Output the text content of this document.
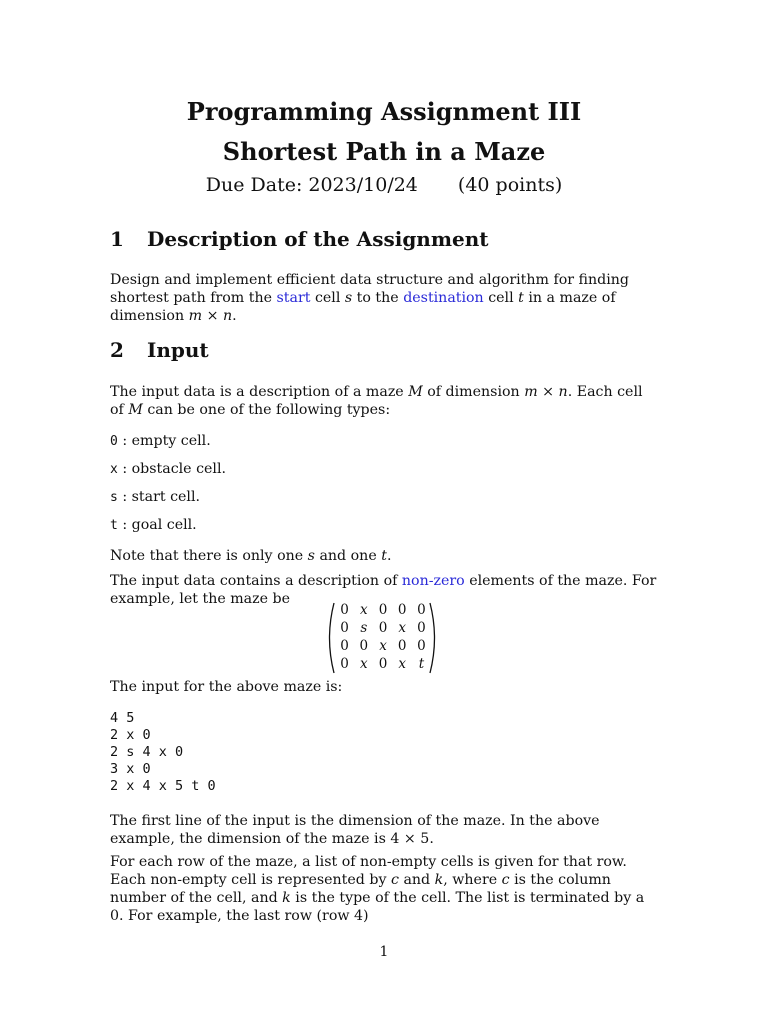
Programming Assignment III
Shortest Path in a Maze
Due Date: 2023/10/24 (40 points)
1 Description of the Assignment
Design and implement efficient data structure and algorithm for finding shortest path from the start cell s to the destination cell t in a maze of dimension m × n.
2 Input
The input data is a description of a maze M of dimension m × n. Each cell of M can be one of the following types:
0 : empty cell.
x : obstacle cell.
s : start cell.
t : goal cell.
Note that there is only one s and one t.
The input data contains a description of non-zero elements of the maze. For example, let the maze be
0 x 0 0 0
0 s 0 x 0
0 0 x 0 0
0 x 0 x t
The input for the above maze is:
4 5
2 x 0
2 s 4 x 0
3 x 0
2 x 4 x 5 t 0
The first line of the input is the dimension of the maze. In the above example, the dimension of the maze is 4 × 5.
For each row of the maze, a list of non-empty cells is given for that row. Each non-empty cell is represented by c and k, where c is the column number of the cell, and k is the type of the cell. The list is terminated by a 0. For example, the last row (row 4)
1
